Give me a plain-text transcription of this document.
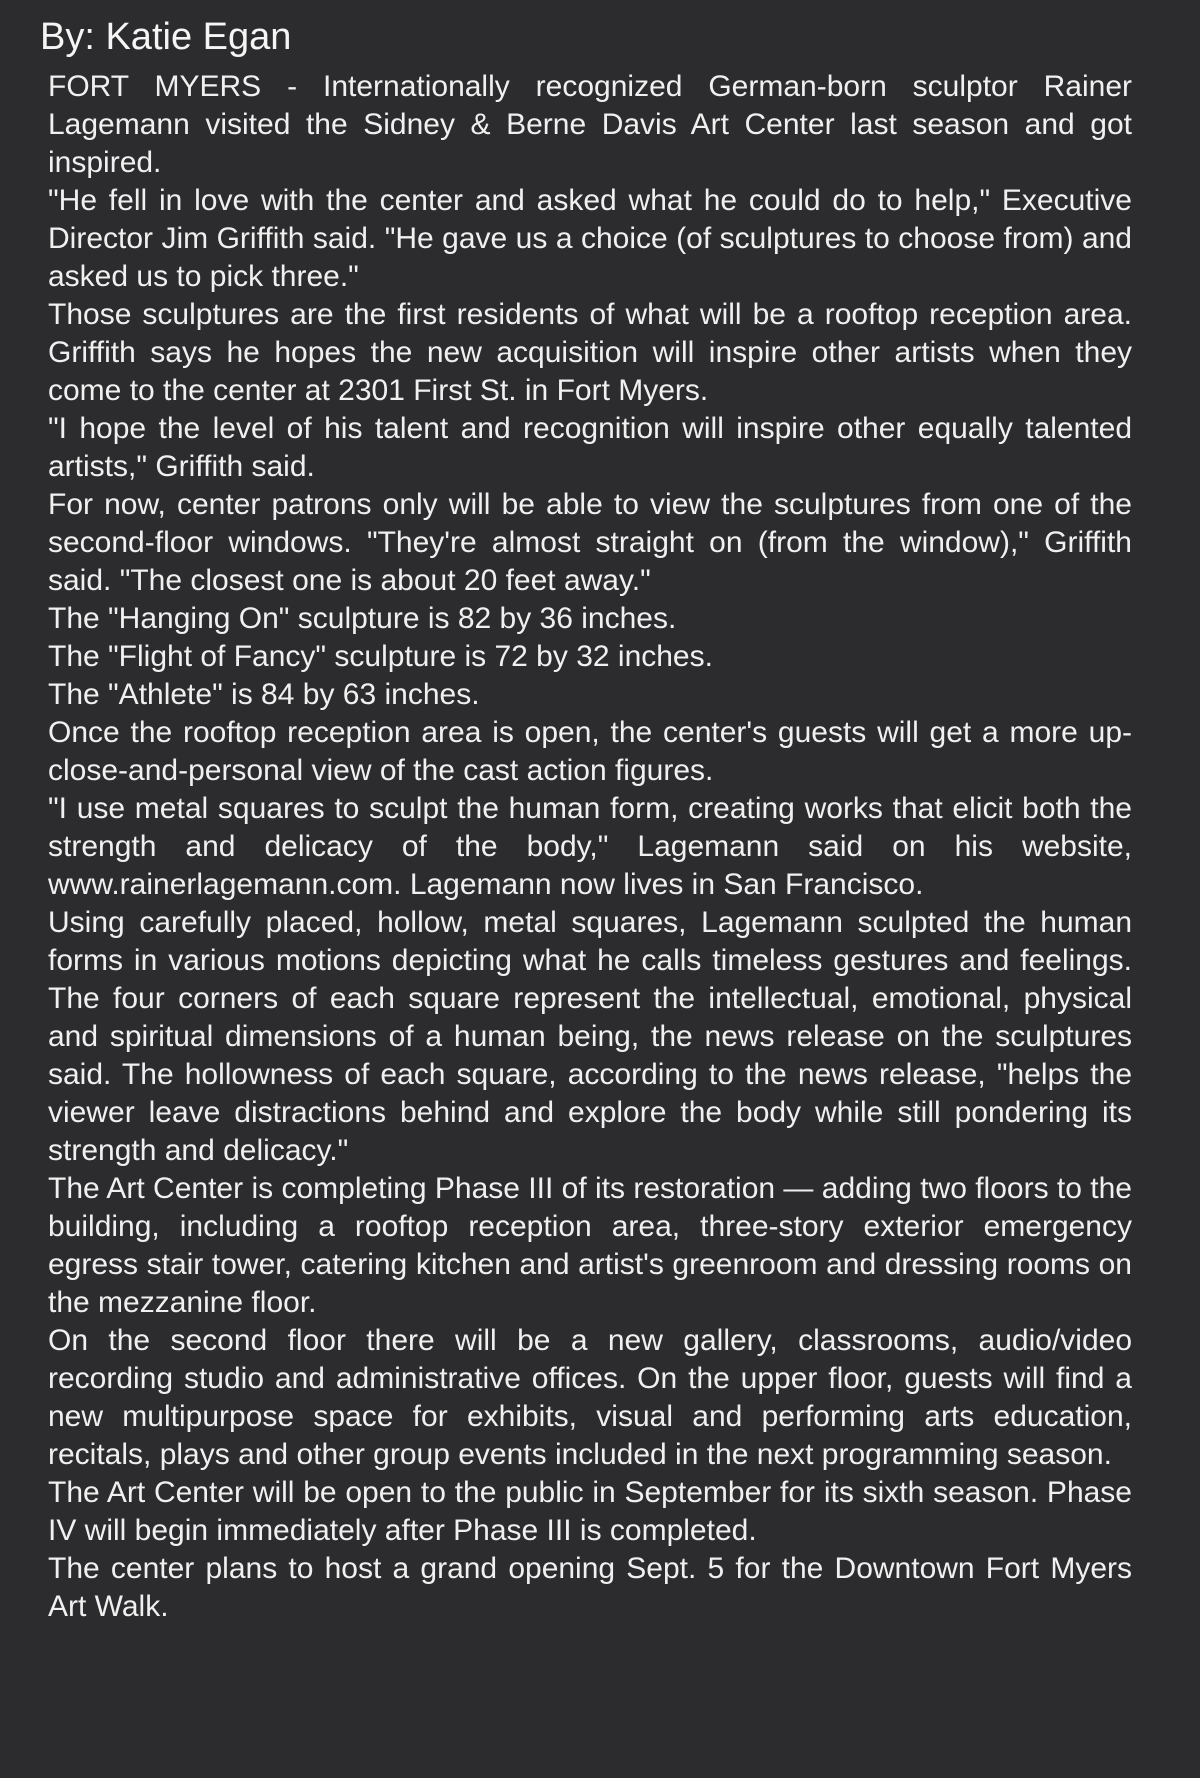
By: Katie Egan

FORT MYERS - Internationally recognized German-born sculptor Rainer Lagemann visited the Sidney & Berne Davis Art Center last season and got inspired.

"He fell in love with the center and asked what he could do to help," Executive Director Jim Griffith said. "He gave us a choice (of sculptures to choose from) and asked us to pick three."

Those sculptures are the first residents of what will be a rooftop reception area. Griffith says he hopes the new acquisition will inspire other artists when they come to the center at 2301 First St. in Fort Myers.

"I hope the level of his talent and recognition will inspire other equally talented artists," Griffith said.

For now, center patrons only will be able to view the sculptures from one of the second-floor windows. "They're almost straight on (from the window)," Griffith said. "The closest one is about 20 feet away."

The "Hanging On" sculpture is 82 by 36 inches.

The "Flight of Fancy" sculpture is 72 by 32 inches.

The "Athlete" is 84 by 63 inches.

Once the rooftop reception area is open, the center's guests will get a more up-close-and-personal view of the cast action figures.

"I use metal squares to sculpt the human form, creating works that elicit both the strength and delicacy of the body," Lagemann said on his website, www.rainerlagemann.com. Lagemann now lives in San Francisco.

Using carefully placed, hollow, metal squares, Lagemann sculpted the human forms in various motions depicting what he calls timeless gestures and feelings. The four corners of each square represent the intellectual, emotional, physical and spiritual dimensions of a human being, the news release on the sculptures said. The hollowness of each square, according to the news release, "helps the viewer leave distractions behind and explore the body while still pondering its strength and delicacy."

The Art Center is completing Phase III of its restoration — adding two floors to the building, including a rooftop reception area, three-story exterior emergency egress stair tower, catering kitchen and artist's greenroom and dressing rooms on the mezzanine floor.

On the second floor there will be a new gallery, classrooms, audio/video recording studio and administrative offices. On the upper floor, guests will find a new multipurpose space for exhibits, visual and performing arts education, recitals, plays and other group events included in the next programming season.

The Art Center will be open to the public in September for its sixth season. Phase IV will begin immediately after Phase III is completed.

The center plans to host a grand opening Sept. 5 for the Downtown Fort Myers Art Walk.
